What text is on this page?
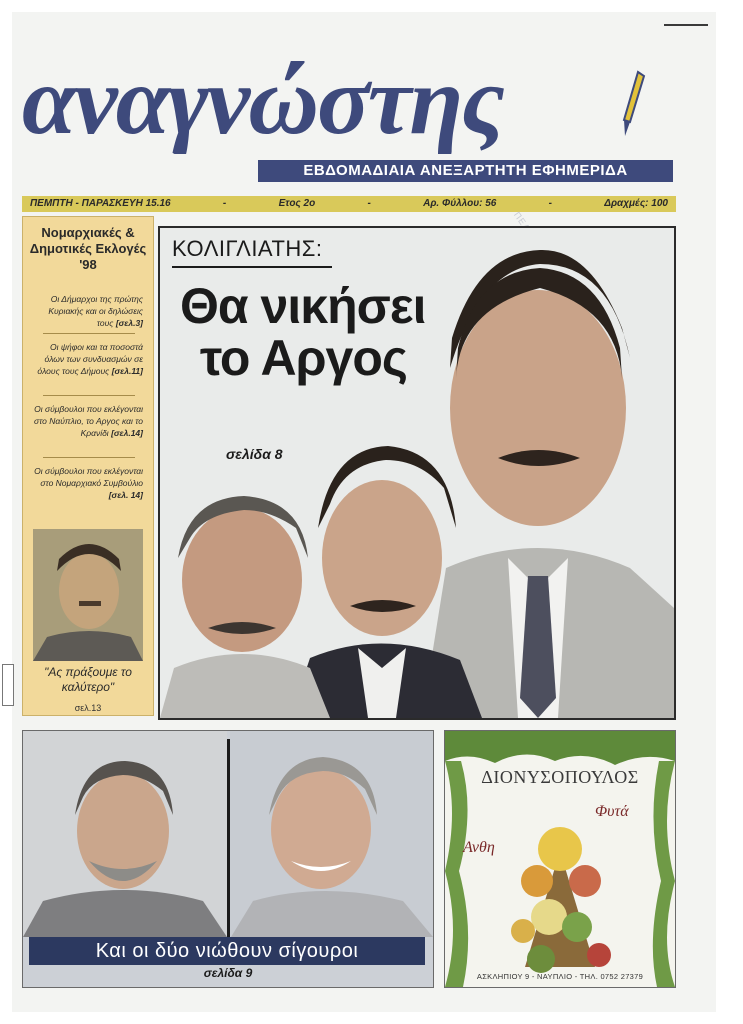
αναγνώστης
ΕΒΔΟΜΑΔΙΑΙΑ ΑΝΕΞΑΡΤΗΤΗ ΕΦΗΜΕΡΙΔΑ
ΠΕΜΠΤΗ - ΠΑΡΑΣΚΕΥΗ 15.16	-	Ετος 2ο	-	Αρ. Φύλλου: 56	-	Δραχμές: 100
Νομαρχιακές & Δημοτικές Εκλογές '98
Οι Δήμαρχοι της πρώτης Κυριακής και οι δηλώσεις τους [σελ.3]
Οι ψήφοι και τα ποσοστά όλων των συνδυασμών σε όλους τους Δήμους [σελ.11]
Οι σύμβουλοι που εκλέγονται στο Ναύπλιο, το Αργος και το Κρανίδι [σελ.14]
Οι σύμβουλοι που εκλέγονται στο Νομαρχιακό Συμβούλιο [σελ. 14]
"Ας πράξουμε το καλύτερο"
σελ.13
ΚΟΛΙΓΛΙΑΤΗΣ:
Θα νικήσει
το Αργος
σελίδα 8
Και οι δύο νιώθουν σίγουροι
σελίδα 9
ΔΙΟΝΥΣΟΠΟΥΛΟΣ
Φυτά
Ανθη
ΑΣΚΛΗΠΙΟΥ 9 - ΝΑΥΠΛΙΟ - ΤΗΛ. 0752 27379
